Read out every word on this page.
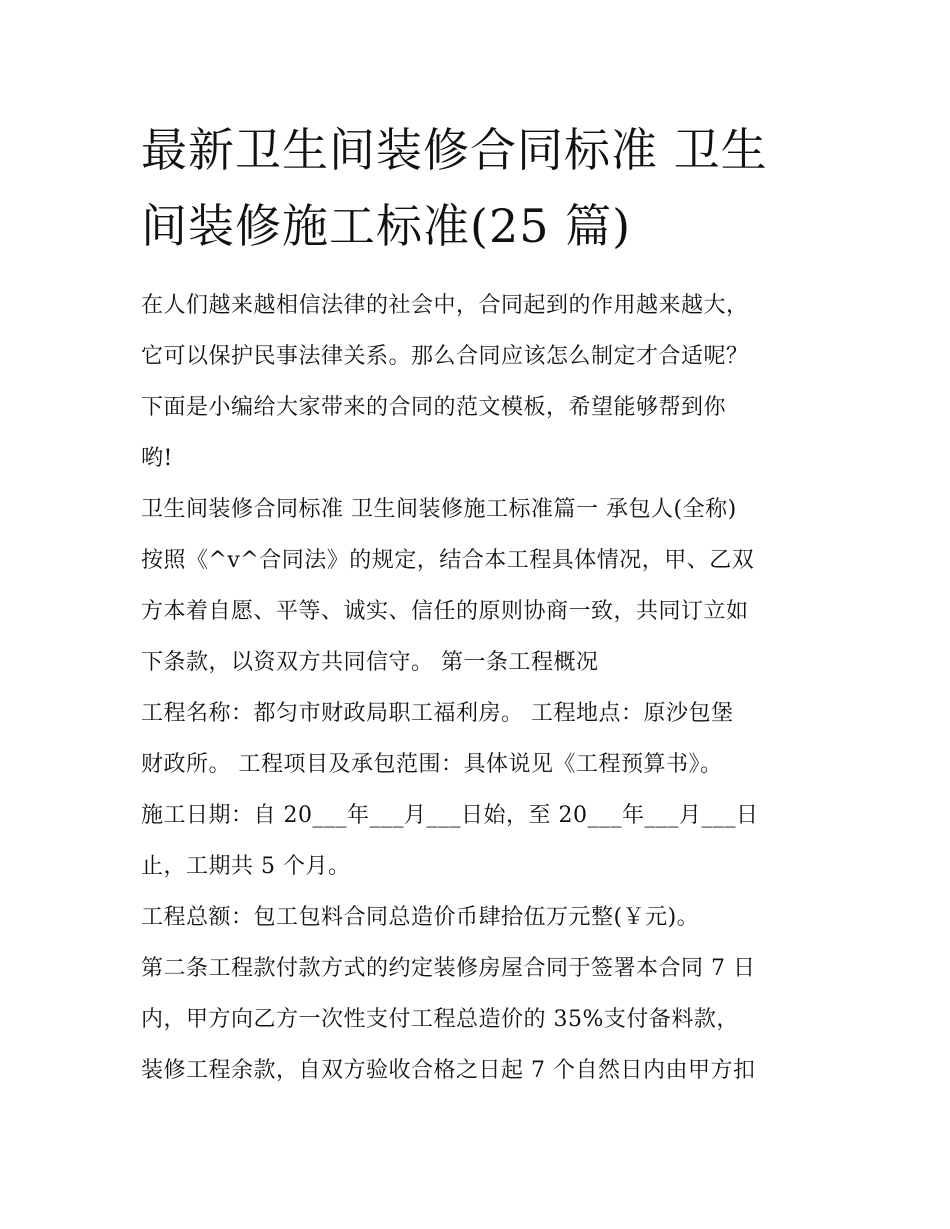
最新卫生间装修合同标准 卫生
间装修施工标准(25 篇)
在人们越来越相信法律的社会中，合同起到的作用越来越大，
它可以保护民事法律关系。那么合同应该怎么制定才合适呢？
下面是小编给大家带来的合同的范文模板，希望能够帮到你
哟!
卫生间装修合同标准 卫生间装修施工标准篇一 承包人(全称)
按照《^v^合同法》的规定，结合本工程具体情况，甲、乙双
方本着自愿、平等、诚实、信任的原则协商一致，共同订立如
下条款，以资双方共同信守。 第一条工程概况
工程名称：都匀市财政局职工福利房。 工程地点：原沙包堡
财政所。 工程项目及承包范围：具体说见《工程预算书》。
施工日期：自 20___年___月___日始，至 20___年___月___日
止，工期共 5 个月。
工程总额：包工包料合同总造价币肆拾伍万元整(￥元)。
第二条工程款付款方式的约定装修房屋合同于签署本合同 7 日
内，甲方向乙方一次性支付工程总造价的 35%支付备料款，
装修工程余款，自双方验收合格之日起 7 个自然日内由甲方扣
